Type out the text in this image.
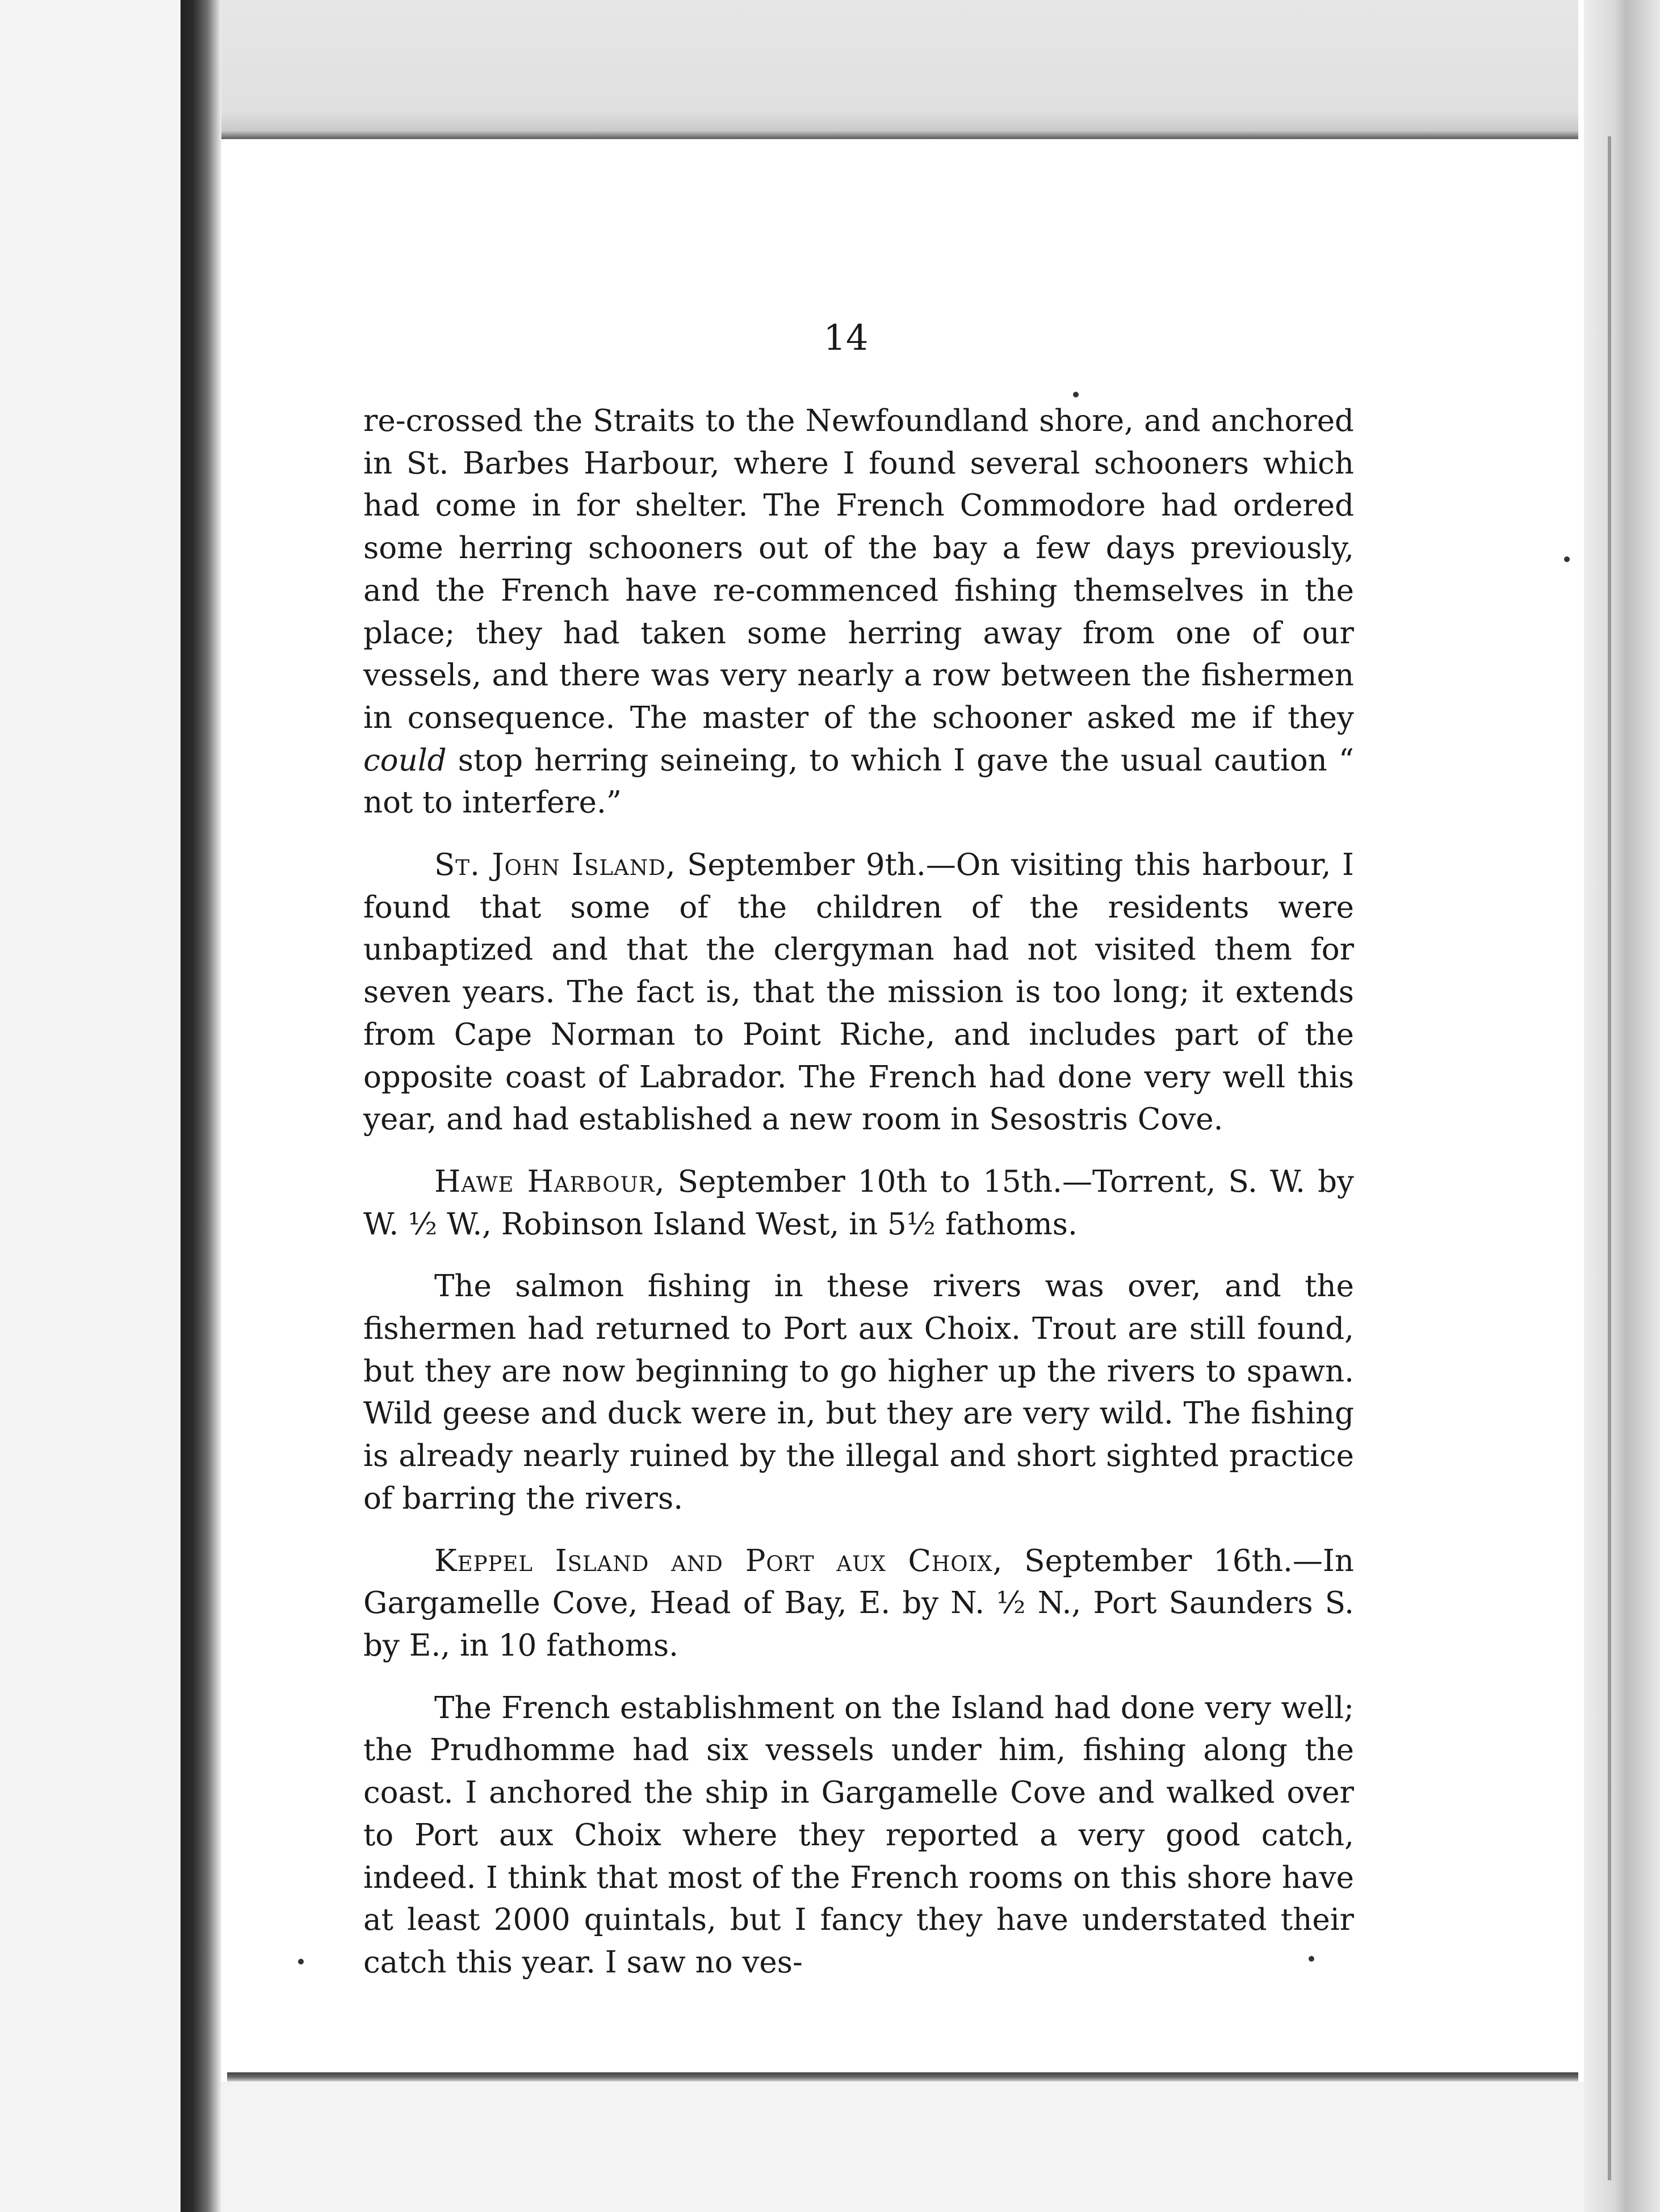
14

re-crossed the Straits to the Newfoundland shore, and anchored in St. Barbes Harbour, where I found several schooners which had come in for shelter. The French Commodore had ordered some herring schooners out of the bay a few days previously, and the French have re-commenced fishing themselves in the place; they had taken some herring away from one of our vessels, and there was very nearly a row between the fishermen in consequence. The master of the schooner asked me if they could stop herring seineing, to which I gave the usual caution “ not to interfere.”

St. John Island, September 9th.—On visiting this harbour, I found that some of the children of the residents were unbaptized and that the clergyman had not visited them for seven years. The fact is, that the mission is too long; it extends from Cape Norman to Point Riche, and includes part of the opposite coast of Labrador. The French had done very well this year, and had established a new room in Sesostris Cove.

Hawe Harbour, September 10th to 15th.—Torrent, S. W. by W. ½ W., Robinson Island West, in 5½ fathoms.

The salmon fishing in these rivers was over, and the fishermen had returned to Port aux Choix. Trout are still found, but they are now beginning to go higher up the rivers to spawn. Wild geese and duck were in, but they are very wild. The fishing is already nearly ruined by the illegal and short sighted practice of barring the rivers.

Keppel Island and Port aux Choix, September 16th.—In Gargamelle Cove, Head of Bay, E. by N. ½ N., Port Saunders S. by E., in 10 fathoms.

The French establishment on the Island had done very well; the Prudhomme had six vessels under him, fishing along the coast. I anchored the ship in Gargamelle Cove and walked over to Port aux Choix where they reported a very good catch, indeed. I think that most of the French rooms on this shore have at least 2000 quintals, but I fancy they have understated their catch this year. I saw no ves-
